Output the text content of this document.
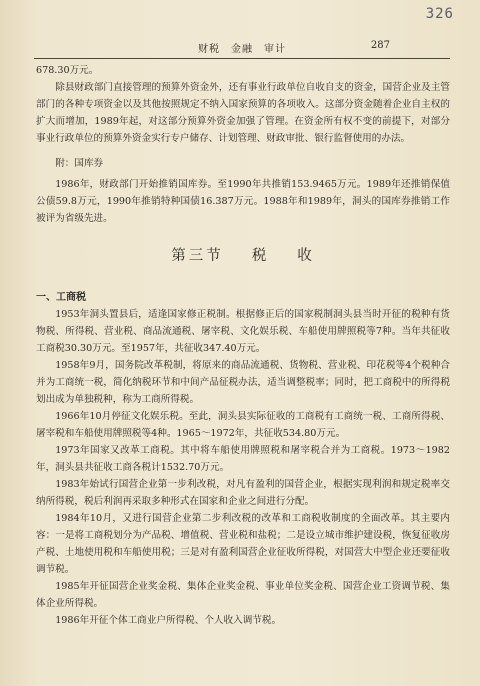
326
财税　金融　审计	287

678.30万元。

除县财政部门直接管理的预算外资金外，还有事业行政单位自收自支的资金，国营企业及主管部门的各种专项资金以及其他按照规定不纳入国家预算的各项收入。这部分资金随着企业自主权的扩大而增加，1989年起，对这部分预算外资金加强了管理。在资金所有权不变的前提下，对部分事业行政单位的预算外资金实行专户储存、计划管理、财政审批、银行监督使用的办法。

附：国库券

1986年，财政部门开始推销国库券。至1990年共推销153.9465万元。1989年还推销保值公债59.8万元，1990年推销特种国债16.387万元。1988年和1989年，洞头的国库券推销工作被评为省级先进。

第三节 税 收

一、工商税

1953年洞头置县后，适逢国家修正税制。根据修正后的国家税制洞头县当时开征的税种有货物税、所得税、营业税、商品流通税、屠宰税、文化娱乐税、车船使用牌照税等7种。当年共征收工商税30.30万元。至1957年，共征收347.40万元。

1958年9月，国务院改革税制，将原来的商品流通税、货物税、营业税、印花税等4个税种合并为工商统一税，简化纳税环节和中间产品征税办法，适当调整税率；同时，把工商税中的所得税划出成为单独税种，称为工商所得税。

1966年10月停征文化娱乐税。至此，洞头县实际征收的工商税有工商统一税、工商所得税、屠宰税和车船使用牌照税等4种。1965～1972年，共征收534.80万元。

1973年国家又改革工商税。其中将车船使用牌照税和屠宰税合并为工商税。1973～1982年，洞头县共征收工商各税计1532.70万元。

1983年始试行国营企业第一步利改税，对凡有盈利的国营企业，根据实现利润和规定税率交纳所得税，税后利润再采取多种形式在国家和企业之间进行分配。

1984年10月，又进行国营企业第二步利改税的改革和工商税收制度的全面改革。其主要内容：一是将工商税划分为产品税、增值税、营业税和盐税；二是设立城市维护建设税，恢复征收房产税、土地使用税和车船使用税；三是对有盈利国营企业征收所得税，对国营大中型企业还要征收调节税。

1985年开征国营企业奖金税、集体企业奖金税、事业单位奖金税、国营企业工资调节税、集体企业所得税。

1986年开征个体工商业户所得税、个人收入调节税。
